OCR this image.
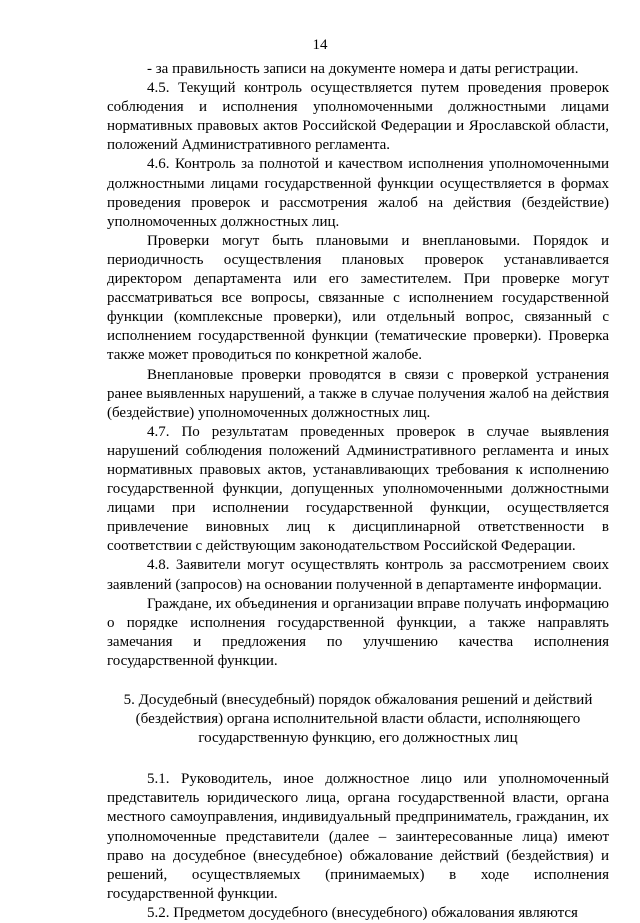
14

- за правильность записи на документе номера и даты регистрации.

4.5. Текущий контроль осуществляется путем проведения проверок соблюдения и исполнения уполномоченными должностными лицами нормативных правовых актов Российской Федерации и Ярославской области, положений Административного регламента.

4.6. Контроль за полнотой и качеством исполнения уполномоченными должностными лицами государственной функции осуществляется в формах проведения проверок и рассмотрения жалоб на действия (бездействие) уполномоченных должностных лиц.

Проверки могут быть плановыми и внеплановыми. Порядок и периодичность осуществления плановых проверок устанавливается директором департамента или его заместителем. При проверке могут рассматриваться все вопросы, связанные с исполнением государственной функции (комплексные проверки), или отдельный вопрос, связанный с исполнением государственной функции (тематические проверки). Проверка также может проводиться по конкретной жалобе.

Внеплановые проверки проводятся в связи с проверкой устранения ранее выявленных нарушений, а также в случае получения жалоб на действия (бездействие) уполномоченных должностных лиц.

4.7. По результатам проведенных проверок в случае выявления нарушений соблюдения положений Административного регламента и иных нормативных правовых актов, устанавливающих требования к исполнению государственной функции, допущенных уполномоченными должностными лицами при исполнении государственной функции, осуществляется привлечение виновных лиц к дисциплинарной ответственности в соответствии с действующим законодательством Российской Федерации.

4.8. Заявители могут осуществлять контроль за рассмотрением своих заявлений (запросов) на основании полученной в департаменте информации.

Граждане, их объединения и организации вправе получать информацию о порядке исполнения государственной функции, а также направлять замечания и предложения по улучшению качества исполнения государственной функции.

5. Досудебный (внесудебный) порядок обжалования решений и действий (бездействия) органа исполнительной власти области, исполняющего государственную функцию, его должностных лиц

5.1. Руководитель, иное должностное лицо или уполномоченный представитель юридического лица, органа государственной власти, органа местного самоуправления, индивидуальный предприниматель, гражданин, их уполномоченные представители (далее – заинтересованные лица) имеют право на досудебное (внесудебное) обжалование действий (бездействия) и решений, осуществляемых (принимаемых) в ходе исполнения государственной функции.

5.2. Предметом досудебного (внесудебного) обжалования являются
